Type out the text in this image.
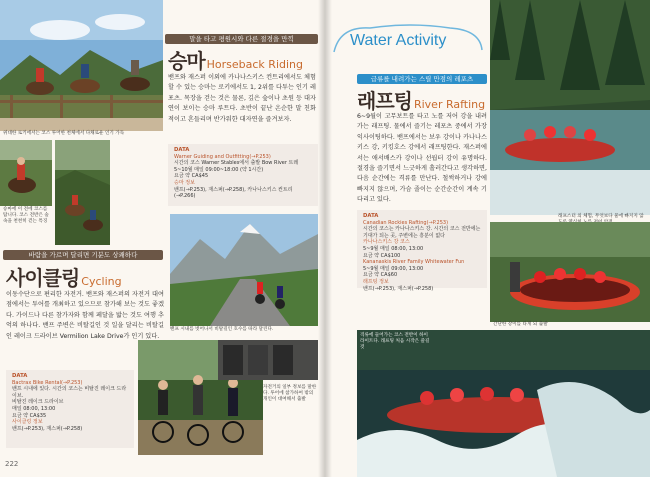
위대한 로키에서는 코스 투어한 천체에서 다채로운 인기 가득
말을 타고 평원시와 다른 절경을 만끽
승마 Horseback Riding
밴프와 재스퍼 이외에 카나나스키스 컨트리에서도 체험할 수 있는 승마는 로키에서도 1, 2위를 다투는 인기 레포츠. 목장을 걷는 것은 물론, 깊은 숲이나 초원 등 대자연이 보이는 승마 루트다. 초반이 끝난 온순한 말 친화적이고 흔들리며 반가워한 대자연을 즐겨보자.
승마에 이 전에 코스를 탑니다. 코스 전반은 숲 속을 천천히 걷는 특징
DATA
Warner Guiding and Outfitting(→P.253)
시간의 코스 Warner Stables에서 출발 Bow River 트레
5~10월 매일 09:00~18:00 (약 1시간)
요금 약 CA$45
승마 정보
밴프(→P.253), 재스퍼(→P.258), 카나나스키스 컨트리(→P.266)
바람을 가르며 달리면 기분도 상쾌하다
사이클링 Cycling
이동수단으로 편리한 자전거. 밴프와 재스퍼의 자전거 대여점에서는 투어를 개최하고 있으므로 참가해 보는 것도 좋겠다. 가이드나 다른 참가자와 함께 페달을 밟는 것도 여행 추억의 하나다. 밴프 주변은 비탈길인 것 일을 달리는 비탈길인 레이크 드라이브 Vermilion Lake Drive가 인기 있다.
밴프 시내를 벗어나서 비탈길인 호수를 따라 달린다.
DATA
Bactrax Bike Rental(→P.253)
밴프 시내에 있다. 시간의 코스는 비탈진 레이크 드라이브.
비탈진 레이크 드라이브
매일 08:00, 13:00
요금 약 CA$35
사이클링 정보
밴프(→P.253), 재스퍼(→P.258)
자전거의 일부 정보를 말한다. 투어에 참가하여 밖의 개인이 대여해서 출발
222
Water Activity
급류를 내려가는 스릴 만점의 레포츠
래프팅 River Rafting
6~9월이 고무보트를 타고 노를 저어 강을 내려가는 래프팅. 물에서 즐기는 레포츠 중에서 가장 익사이팅하다. 밴프에서는 보우 강이나 카나나스키스 강, 키킹호스 강에서 래프팅한다. 재스퍼에서는 애서배스카 강이나 선웝터 강이 유명하다. 절경을 즐기면서 느긋하게 흘러간다고 생각하면, 다음 순간에는 격류를 만난다. 철썩하거나 강에 빠지지 않으며, 가슴 졸이는 순간순간이 계속 기다리고 있다.
DATA
Canadian Rockies Rafting(→P.253)
시간의 코스는 카나나스키스 강. 시간의 코스 전반에는 기대가 되는 곳, 주변에는 흥분이 없다
카나나스키스 강 코스
5~9월 매일 08:00, 13:00
요금 약 CA$100
Kananaskis River Family Whitewater Fun
5~9월 매일 09:00, 13:00
요금 약 CA$60
래프팅 정보
밴프(→P.253), 재스퍼(→P.258)
래프스터 의 체험, 무엇보다 물에 빠지지 않
간단한 강이를 타게 되 출발
격류에 들어가는 코스 전반이 하이라이트다. 래프팅 처음 시작은 즐길 것
